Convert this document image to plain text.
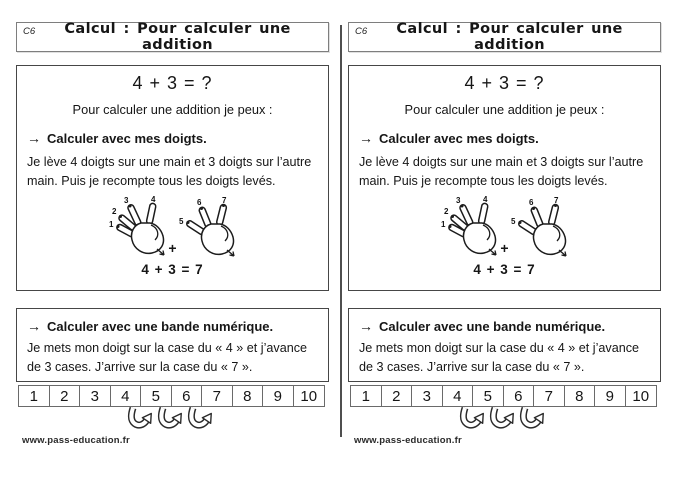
C6	Calcul : Pour calculer une addition
4 + 3 = ?
Pour calculer une addition je peux :
→ Calculer avec mes doigts.

Je lève 4 doigts sur une main et 3 doigts sur l’autre main. Puis je recompte tous les doigts levés.

1
2
3	4
+
5
6	7
4 + 3 = 7
→ Calculer avec une bande numérique.

Je mets mon doigt sur la case du « 4 » et j’avance de 3 cases. J’arrive sur la case du « 7 ».

1	2	3	4	5	6	7	8	9	10
www.pass-education.fr
C6	Calcul : Pour calculer une addition
4 + 3 = ?
Pour calculer une addition je peux :
→ Calculer avec mes doigts.

Je lève 4 doigts sur une main et 3 doigts sur l’autre main. Puis je recompte tous les doigts levés.

1
2
3	4
+
5
6	7
4 + 3 = 7
→ Calculer avec une bande numérique.

Je mets mon doigt sur la case du « 4 » et j’avance de 3 cases. J’arrive sur la case du « 7 ».

1	2	3	4	5	6	7	8	9	10
www.pass-education.fr
